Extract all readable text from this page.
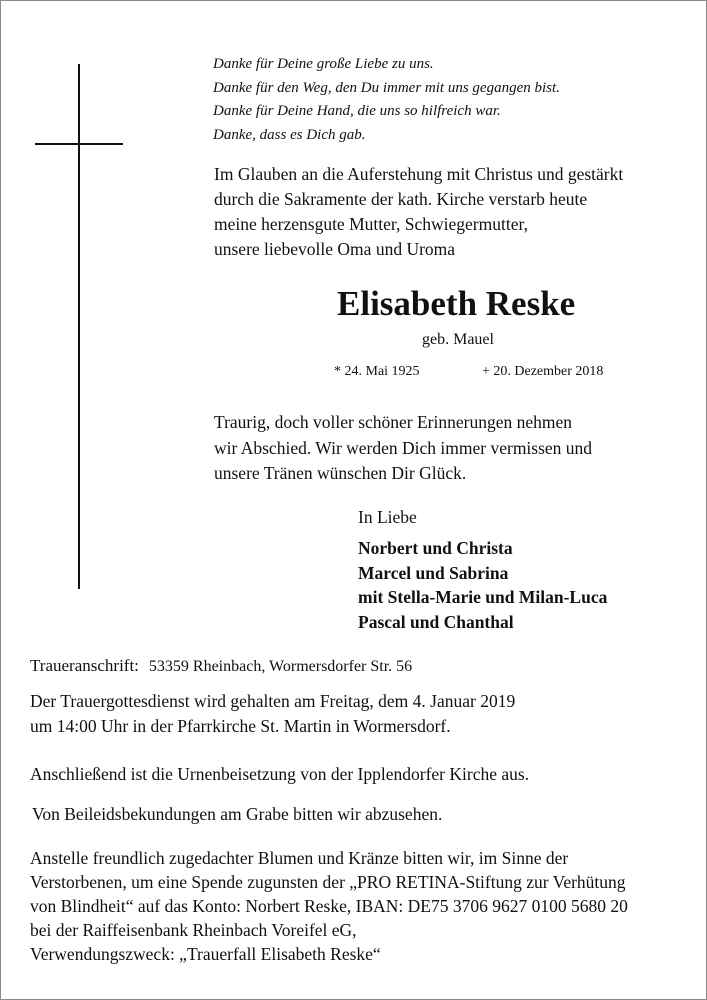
Danke für Deine große Liebe zu uns.
Danke für den Weg, den Du immer mit uns gegangen bist.
Danke für Deine Hand, die uns so hilfreich war.
Danke, dass es Dich gab.
Im Glauben an die Auferstehung mit Christus und gestärkt
durch die Sakramente der kath. Kirche verstarb heute
meine herzensgute Mutter, Schwiegermutter,
unsere liebevolle Oma und Uroma
Elisabeth Reske
geb. Mauel
* 24. Mai 1925	+ 20. Dezember 2018
Traurig, doch voller schöner Erinnerungen nehmen
wir Abschied. Wir werden Dich immer vermissen und
unsere Tränen wünschen Dir Glück.
In Liebe
Norbert und Christa
Marcel und Sabrina
mit Stella-Marie und Milan-Luca
Pascal und Chanthal
Traueranschrift: 53359 Rheinbach, Wormersdorfer Str. 56
Der Trauergottesdienst wird gehalten am Freitag, dem 4. Januar 2019
um 14:00 Uhr in der Pfarrkirche St. Martin in Wormersdorf.
Anschließend ist die Urnenbeisetzung von der Ipplendorfer Kirche aus.
Von Beileidsbekundungen am Grabe bitten wir abzusehen.
Anstelle freundlich zugedachter Blumen und Kränze bitten wir, im Sinne der
Verstorbenen, um eine Spende zugunsten der „PRO RETINA-Stiftung zur Verhütung
von Blindheit“ auf das Konto: Norbert Reske, IBAN: DE75 3706 9627 0100 5680 20
bei der Raiffeisenbank Rheinbach Voreifel eG,
Verwendungszweck: „Trauerfall Elisabeth Reske“
